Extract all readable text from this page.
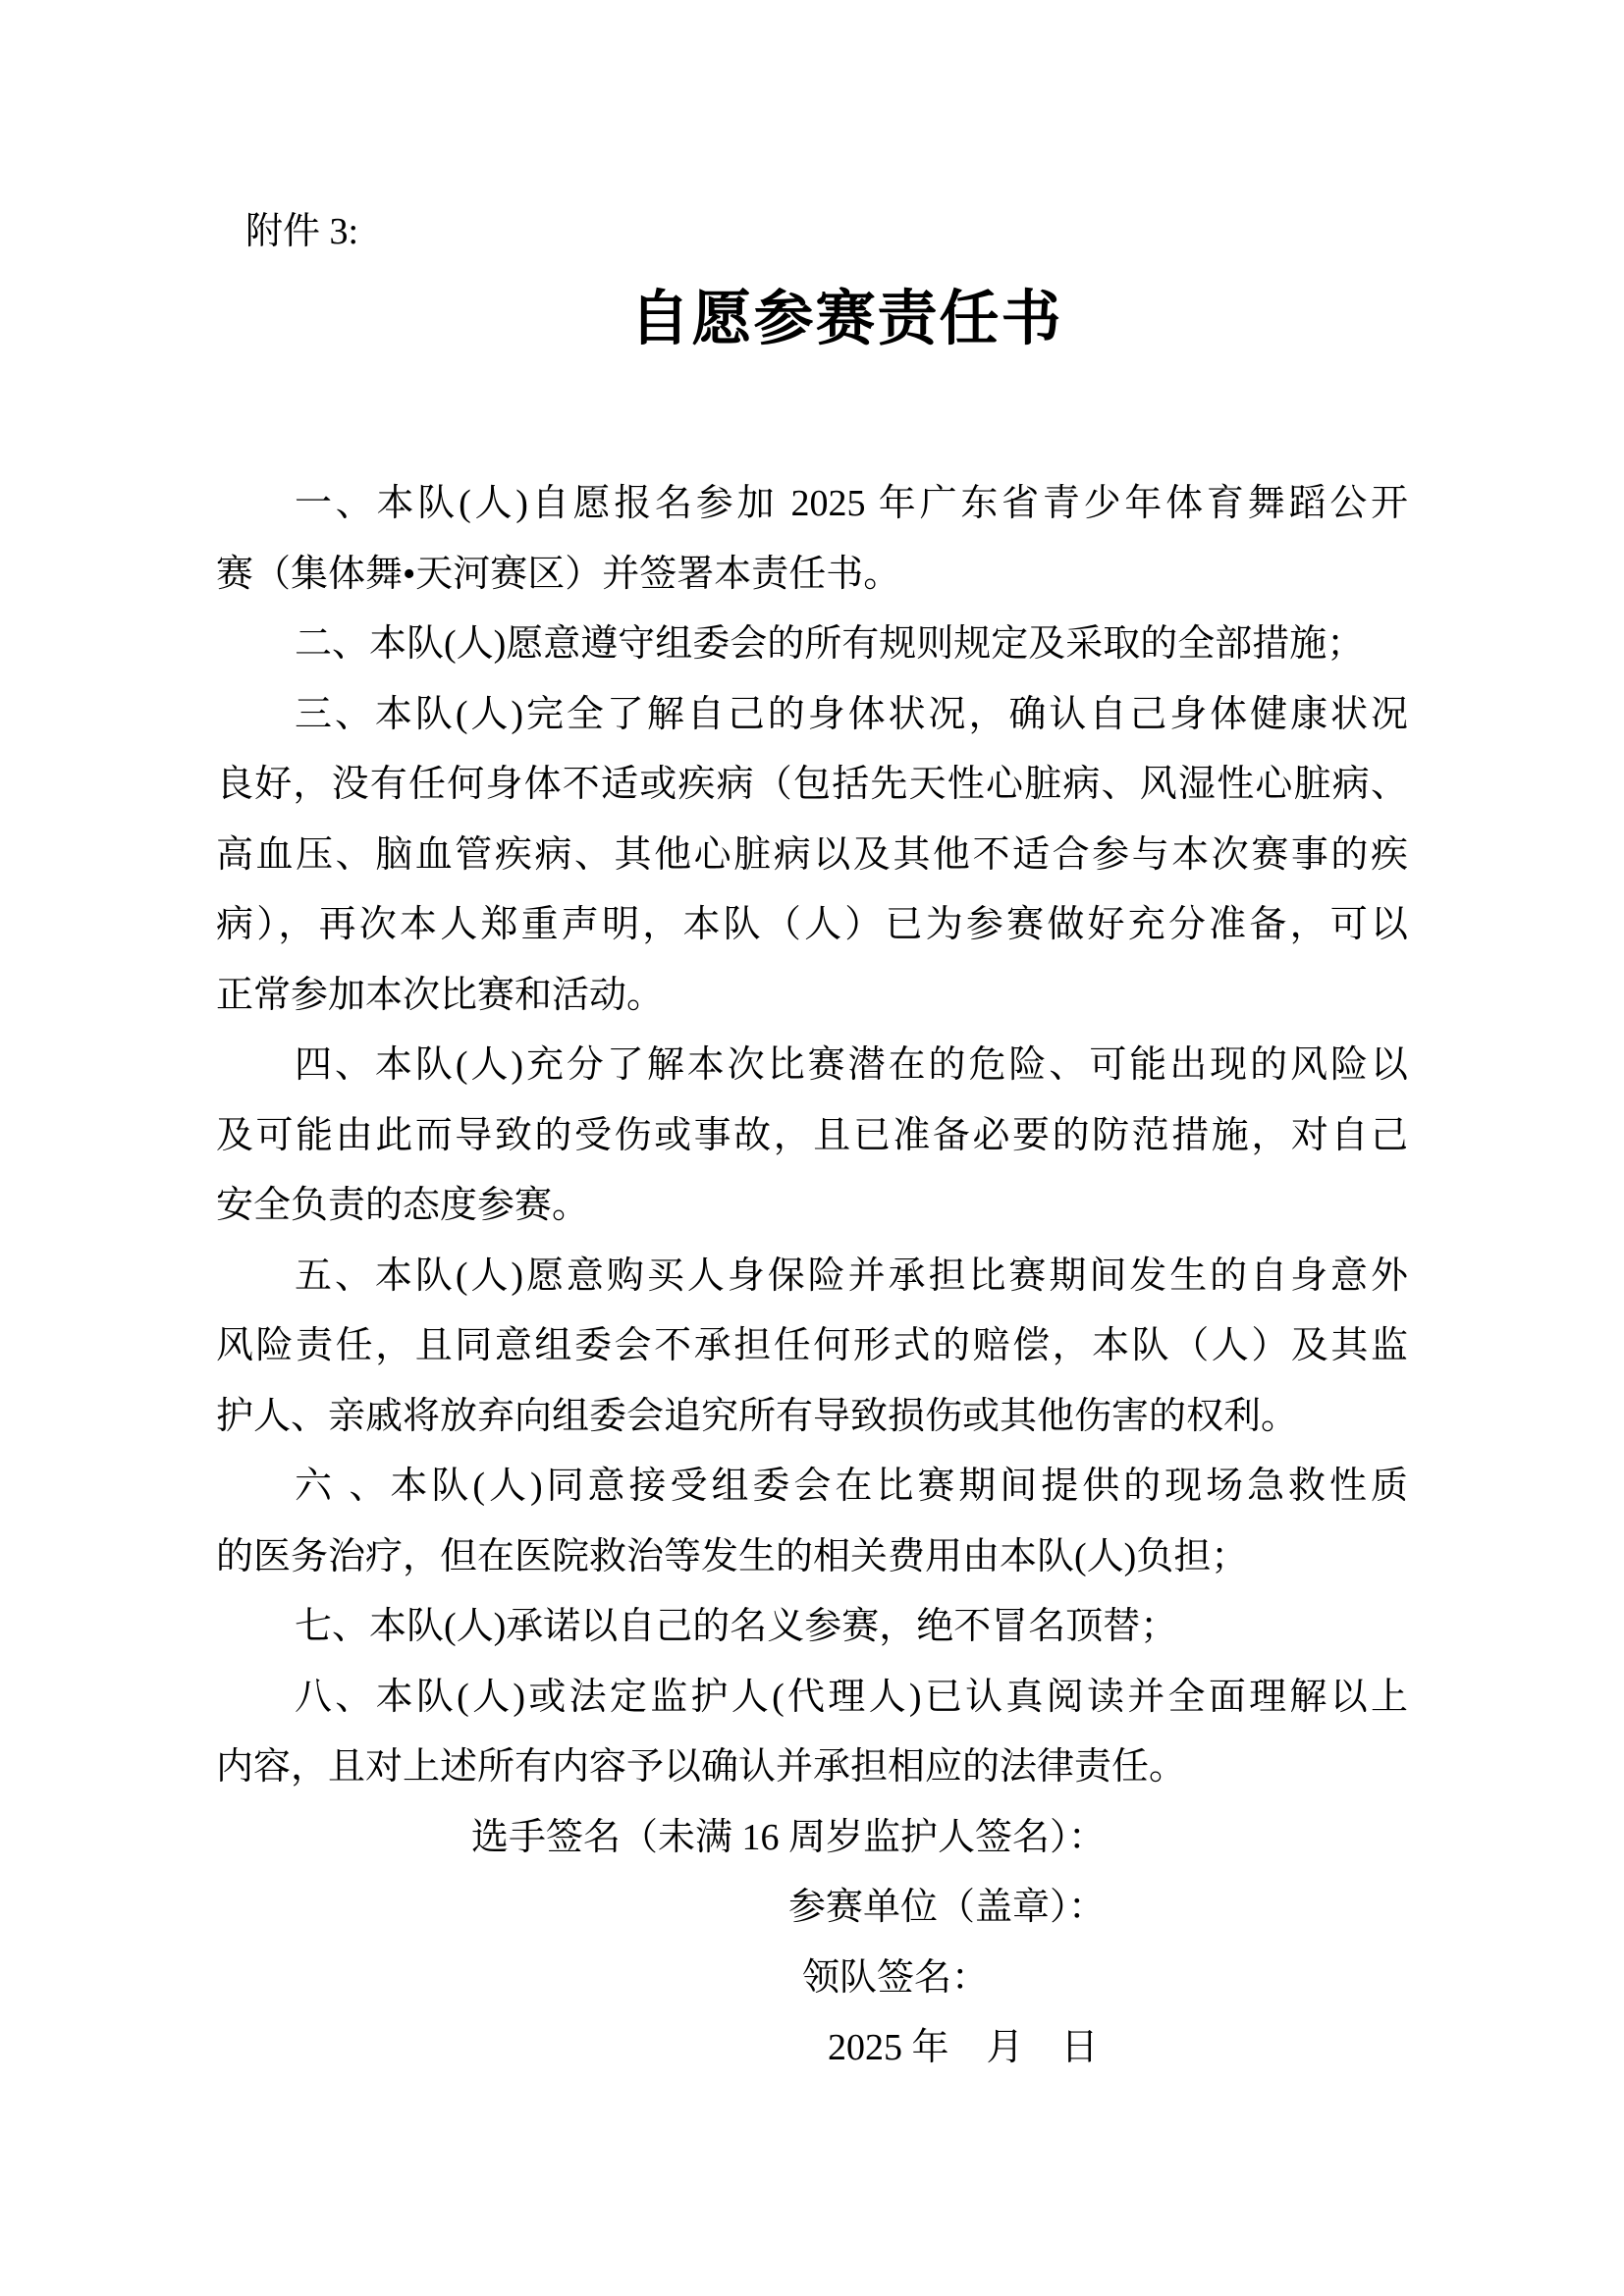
附件 3:
自愿参赛责任书
一、本队(人)自愿报名参加 2025 年广东省青少年体育舞蹈公开
赛（集体舞•天河赛区）并签署本责任书。
二、本队(人)愿意遵守组委会的所有规则规定及采取的全部措施；
三、本队(人)完全了解自己的身体状况，确认自己身体健康状况
良好，没有任何身体不适或疾病（包括先天性心脏病、风湿性心脏病、
高血压、脑血管疾病、其他心脏病以及其他不适合参与本次赛事的疾
病），再次本人郑重声明，本队（人）已为参赛做好充分准备，可以
正常参加本次比赛和活动。
四、本队(人)充分了解本次比赛潜在的危险、可能出现的风险以
及可能由此而导致的受伤或事故，且已准备必要的防范措施，对自己
安全负责的态度参赛。
五、本队(人)愿意购买人身保险并承担比赛期间发生的自身意外
风险责任，且同意组委会不承担任何形式的赔偿，本队（人）及其监
护人、亲戚将放弃向组委会追究所有导致损伤或其他伤害的权利。
六 、本队(人)同意接受组委会在比赛期间提供的现场急救性质
的医务治疗，但在医院救治等发生的相关费用由本队(人)负担；
七、本队(人)承诺以自己的名义参赛，绝不冒名顶替；
八、本队(人)或法定监护人(代理人)已认真阅读并全面理解以上
内容，且对上述所有内容予以确认并承担相应的法律责任。
选手签名（未满 16 周岁监护人签名）：
参赛单位（盖章）：
领队签名：
2025 年　月　日
